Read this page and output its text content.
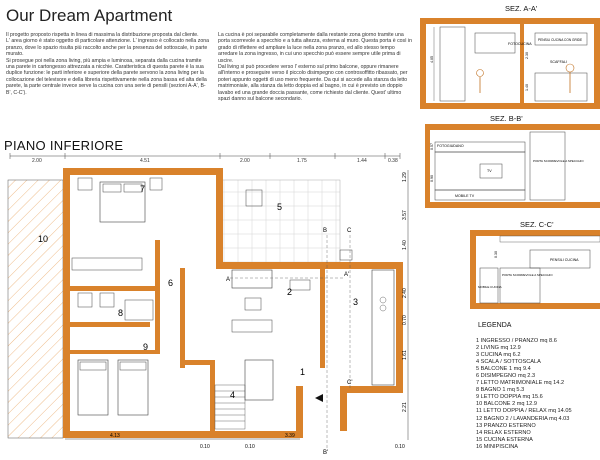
Our Dream Apartment
Il progetto proposto rispetta in linea di massima la distribuzione proposta dal cliente.
L' area giorno è stato oggetto di particolare attenzione. L' ingresso è collocato nella zona pranzo, dove lo spazio risulta più raccolto anche per la presenza del sottoscale, in parte murato.
Si prosegue poi nella zona living, più ampia e luminosa, separata dalla cucina tramite una parete in cartongesso attrezzata a nicchie. Caratteristica di questa parete è la sua duplice funzione: le parti inferiore e superiore della parete servono la zona living per la collocazione del televisore e della libreria rispettivamente nella zona bassa ed alta della parete, la parte centrale invece serve la cucina con una serie di pensili (sezioni A-A', B-B', C-C').
La cucina è poi separabile completamente dalla restante zona giorno tramite una porta scorrevole a specchio e a tutta altezza, esterna al muro. Questa porta è così in grado di riflettere ed ampliare la luce nella zona pranzo, ed allo stesso tempo arredare la zona ingresso, in cui uno specchio può essere sempre utile prima di uscire.
Dal living si può procedere verso l' esterno sul primo balcone, oppure rimanere all'interno e proseguire verso il piccolo disimpegno con controsoffitto ribassato, per poteri appunto oggetti di uso meno frequente. Da qui si accede alla stanza da letto matrimoniale, alla stanza da letto doppia ed al bagno, in cui è previsto un doppio lavabo ed una grande doccia passante, come richiesto dal cliente. Quest' ultimo spazi danno sul balcone secondario.
PIANO INFERIORE
2.00	4.51	2.00	1.75	1.44	0.38
A
A'
B
B'
C
C'
1
2
3
4
5
6
7
8
9
10
4.13	3.39
0.10	0.10	0.10
1.29
3.57
1.40
2.40
0.70
1.61
2.21
SEZ. A-A'
FOTOCUCINA
PENSILI CUCINA CON GRIDE
SCAFFALI
4.05
2.30
1.40
SEZ. B-B'
FOTOGIUDANO
TV
PORTA SCORREVOLE A SPECCHIO
MOBILE TV
0.57
0.90
SEZ. C-C'
PENSILI CUCINA
PORTA SCORREVOLE A SPECCHIO
MOBILE CUCINA
0.30
LEGENDA
1 INGRESSO / PRANZO mq 8.6
2 LIVING mq 12.9
3 CUCINA mq 6.2
4 SCALA / SOTTOSCALA
5 BALCONE 1 mq 9.4
6 DISIMPEGNO mq 2.3
7 LETTO MATRIMONIALE mq 14.2
8 BAGNO 1 mq 5.3
9 LETTO DOPPIA mq 15.6
10 BALCONE 2 mq 12.9
11 LETTO DOPPIA / RELAX mq 14.05
12 BAGNO 2 / LAVANDERIA mq 4.03
13 PRANZO ESTERNO
14 RELAX ESTERNO
15 CUCINA ESTERNA
16 MINIPISCINA
